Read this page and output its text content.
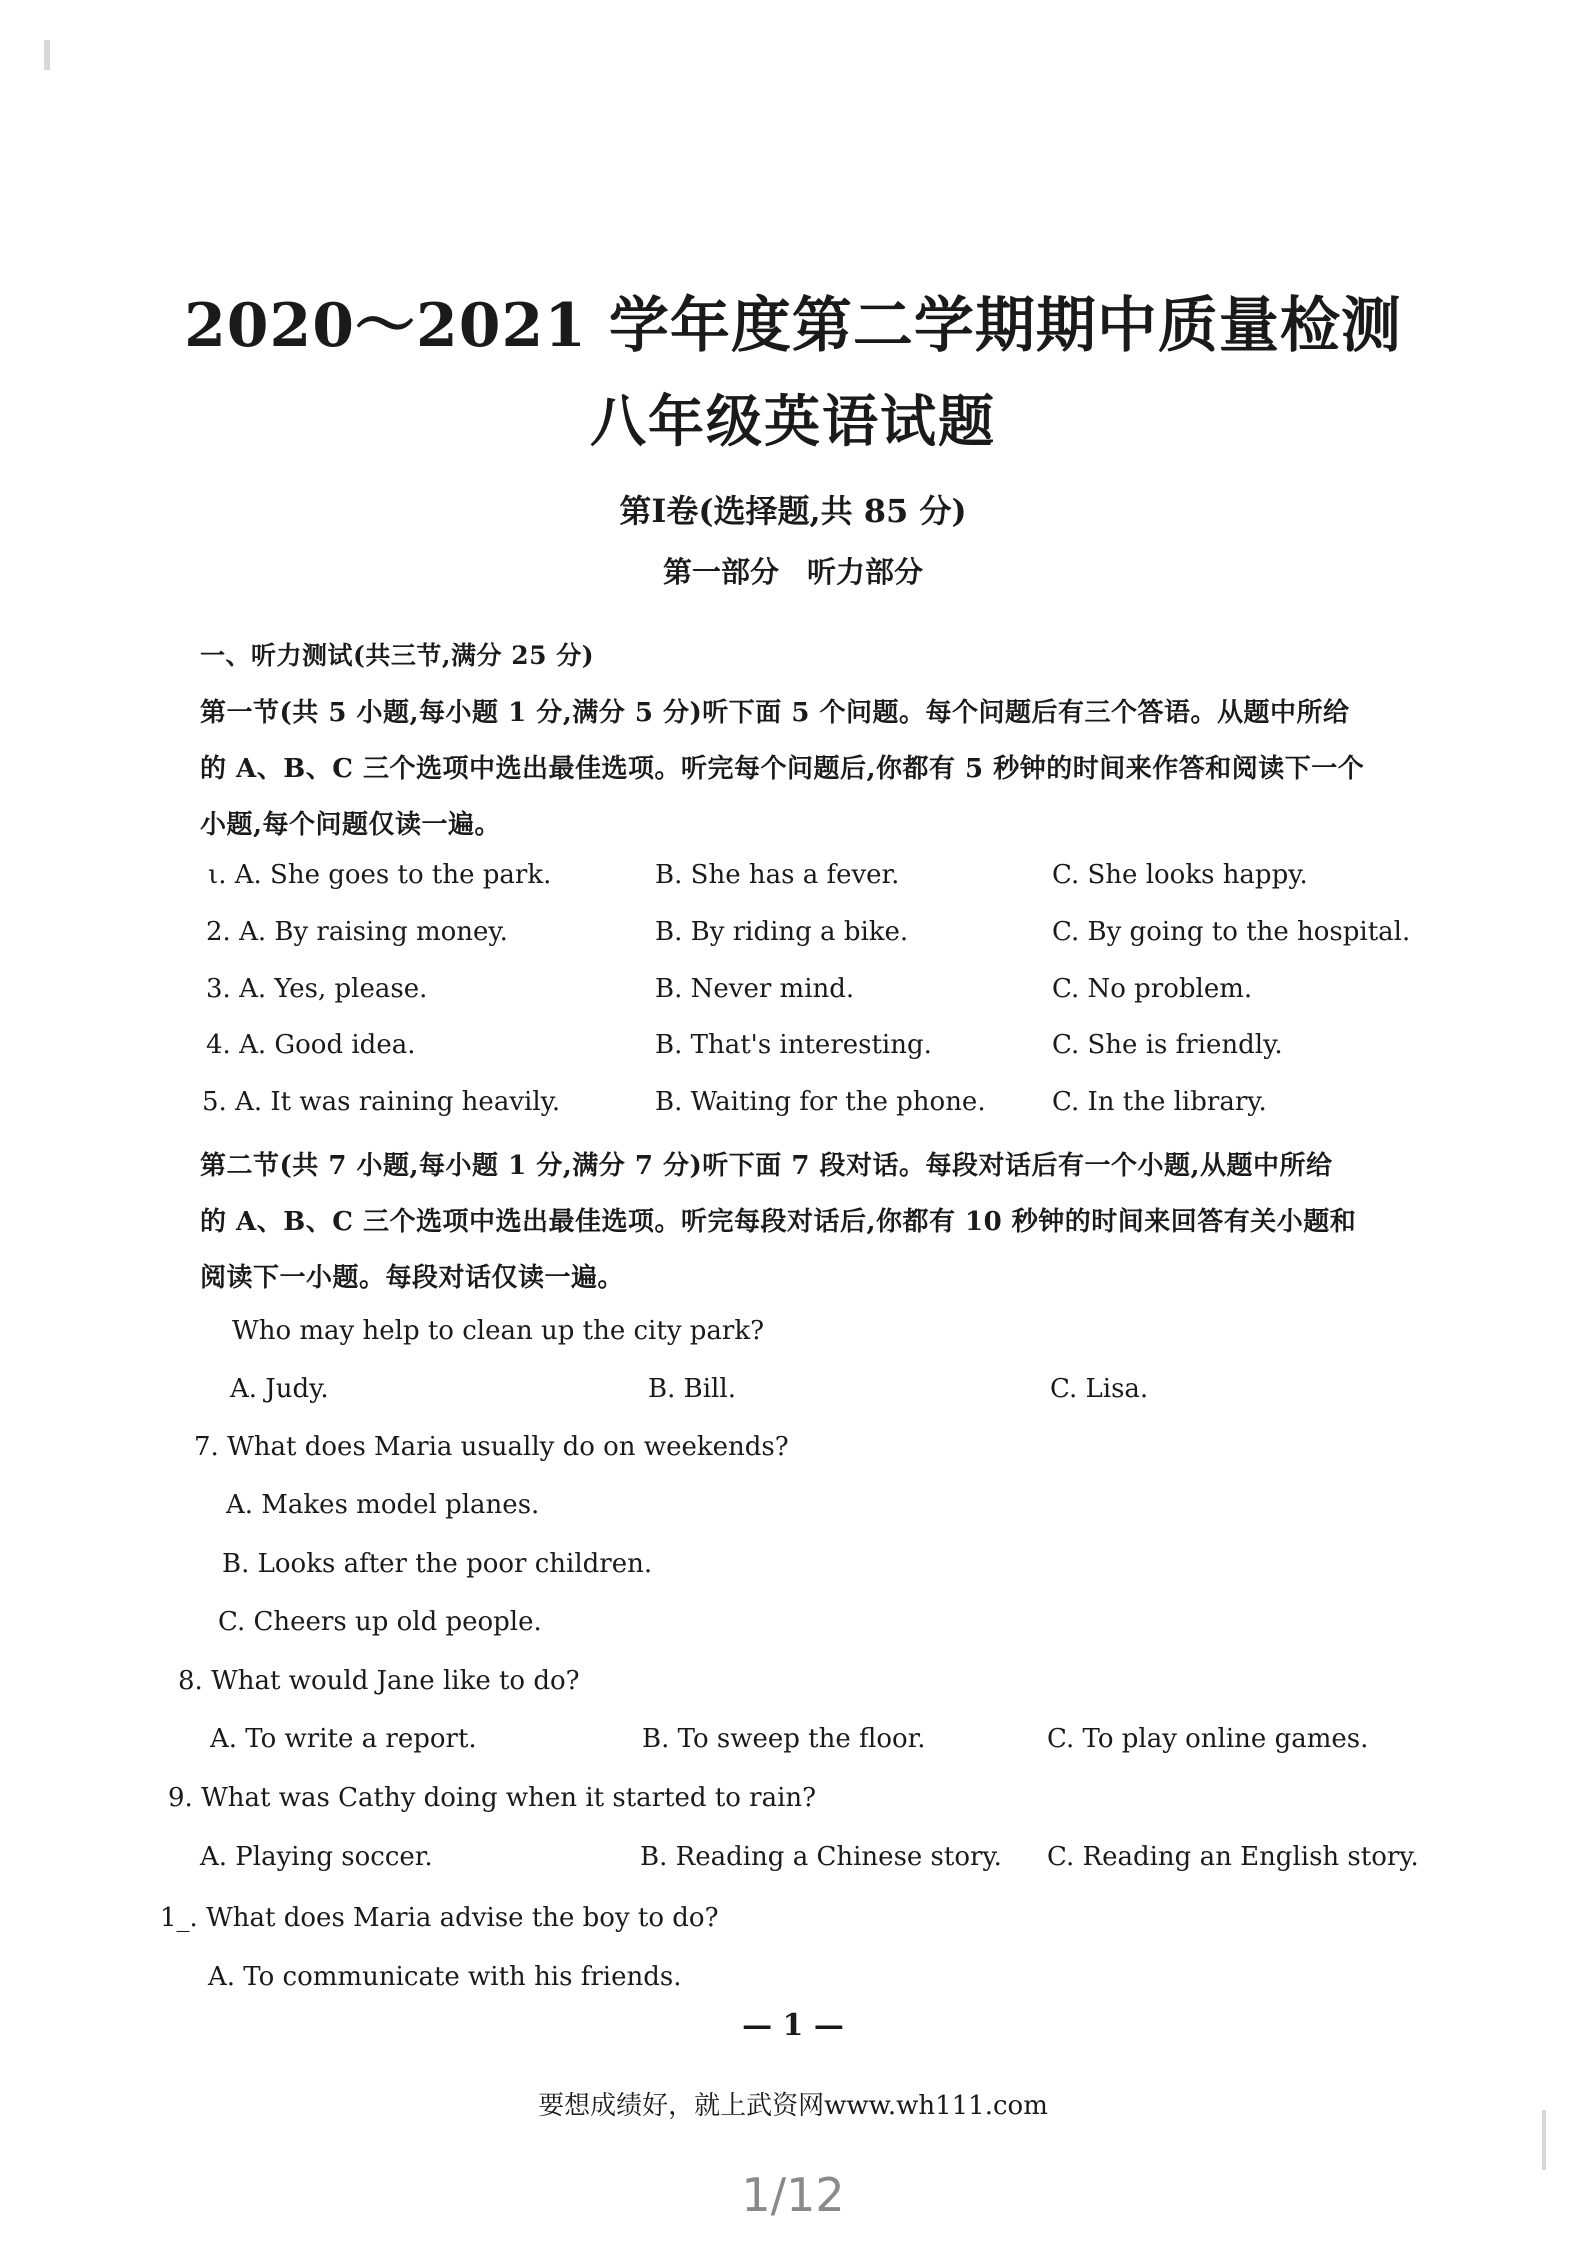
2020～2021 学年度第二学期期中质量检测
八年级英语试题
第Ⅰ卷(选择题,共 85 分)
第一部分 听力部分
一、听力测试(共三节,满分 25 分)
第一节(共 5 小题,每小题 1 分,满分 5 分)听下面 5 个问题。每个问题后有三个答语。从题中所给
的 A、B、C 三个选项中选出最佳选项。听完每个问题后,你都有 5 秒钟的时间来作答和阅读下一个
小题,每个问题仅读一遍。
ι. A. She goes to the park.	B. She has a fever.	C. She looks happy.
2. A. By raising money.	B. By riding a bike.	C. By going to the hospital.
3. A. Yes, please.	B. Never mind.	C. No problem.
4. A. Good idea.	B. That's interesting.	C. She is friendly.
5. A. It was raining heavily.	B. Waiting for the phone.	C. In the library.
第二节(共 7 小题,每小题 1 分,满分 7 分)听下面 7 段对话。每段对话后有一个小题,从题中所给
的 A、B、C 三个选项中选出最佳选项。听完每段对话后,你都有 10 秒钟的时间来回答有关小题和
阅读下一小题。每段对话仅读一遍。
Who may help to clean up the city park?
A. Judy.	B. Bill.	C. Lisa.
7. What does Maria usually do on weekends?
A. Makes model planes.
B. Looks after the poor children.
C. Cheers up old people.
8. What would Jane like to do?
A. To write a report.	B. To sweep the floor.	C. To play online games.
9. What was Cathy doing when it started to rain?
A. Playing soccer.	B. Reading a Chinese story. C. Reading an English story.
1_. What does Maria advise the boy to do?
A. To communicate with his friends.
— 1 —
要想成绩好，就上武资网www.wh111.com
1/12
